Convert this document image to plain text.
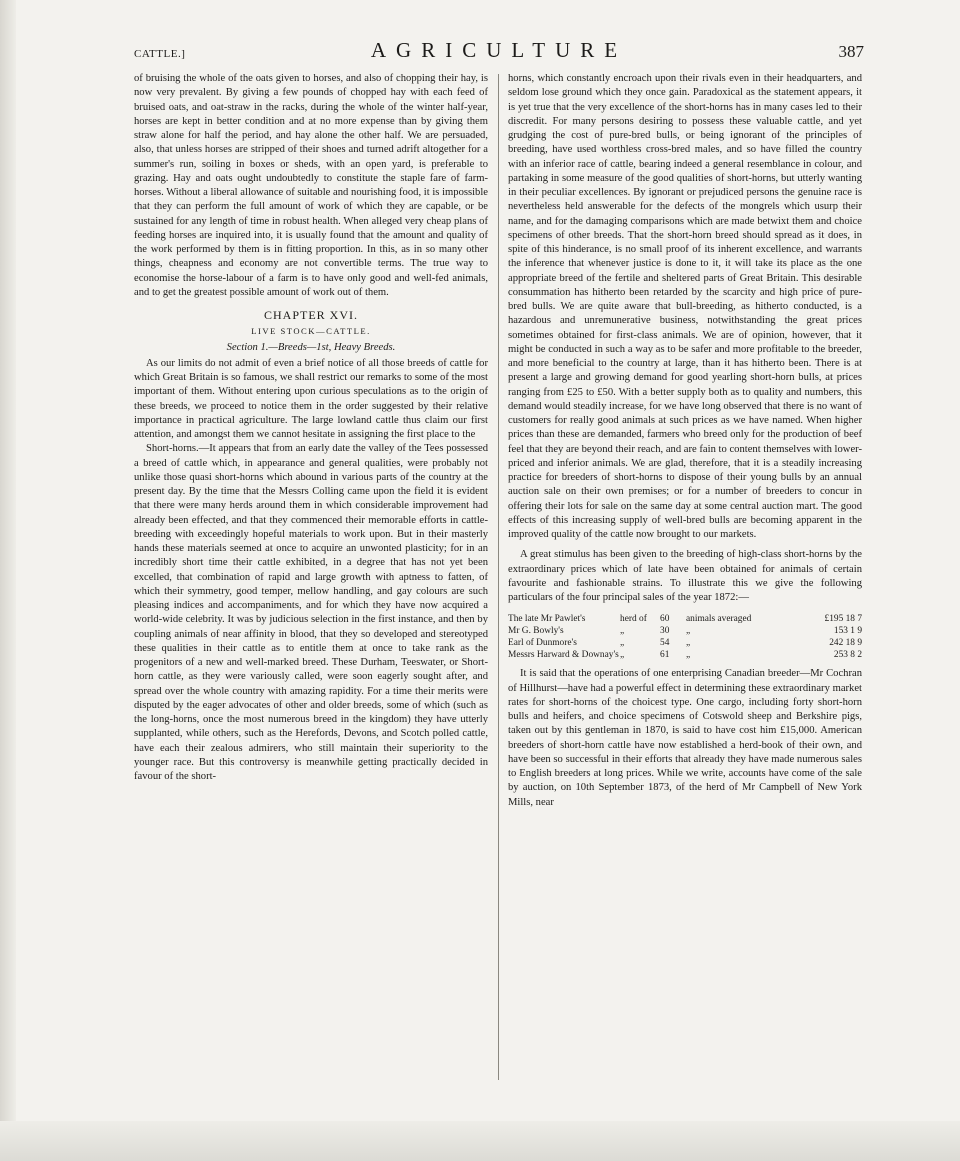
CATTLE.]	AGRICULTURE	387

of bruising the whole of the oats given to horses, and also of chopping their hay, is now very prevalent. By giving a few pounds of chopped hay with each feed of bruised oats, and oat-straw in the racks, during the whole of the winter half-year, horses are kept in better condition and at no more expense than by giving them straw alone for half the period, and hay alone the other half. We are persuaded, also, that unless horses are stripped of their shoes and turned adrift altogether for a summer's run, soiling in boxes or sheds, with an open yard, is preferable to grazing. Hay and oats ought undoubtedly to constitute the staple fare of farm-horses. Without a liberal allowance of suitable and nourishing food, it is impossible that they can perform the full amount of work of which they are capable, or be sustained for any length of time in robust health. When alleged very cheap plans of feeding horses are inquired into, it is usually found that the amount and quality of the work performed by them is in fitting proportion. In this, as in so many other things, cheapness and economy are not convertible terms. The true way to economise the horse-labour of a farm is to have only good and well-fed animals, and to get the greatest possible amount of work out of them.

CHAPTER XVI.
LIVE STOCK—CATTLE.
Section 1.—Breeds—1st, Heavy Breeds.

As our limits do not admit of even a brief notice of all those breeds of cattle for which Great Britain is so famous, we shall restrict our remarks to some of the most important of them. Without entering upon curious speculations as to the origin of these breeds, we proceed to notice them in the order suggested by their relative importance in practical agriculture. The large lowland cattle thus claim our first attention, and amongst them we cannot hesitate in assigning the first place to the

Short-horns.—It appears that from an early date the valley of the Tees possessed a breed of cattle which, in appearance and general qualities, were probably not unlike those quasi short-horns which abound in various parts of the country at the present day. By the time that the Messrs Colling came upon the field it is evident that there were many herds around them in which considerable improvement had already been effected, and that they commenced their memorable efforts in cattle-breeding with exceedingly hopeful materials to work upon. But in their masterly hands these materials seemed at once to acquire an unwonted plasticity; for in an incredibly short time their cattle exhibited, in a degree that has not yet been excelled, that combination of rapid and large growth with aptness to fatten, of which their symmetry, good temper, mellow handling, and gay colours are such pleasing indices and accompaniments, and for which they have now acquired a world-wide celebrity. It was by judicious selection in the first instance, and then by coupling animals of near affinity in blood, that they so developed and stereotyped these qualities in their cattle as to entitle them at once to take rank as the progenitors of a new and well-marked breed. These Durham, Teeswater, or Short-horn cattle, as they were variously called, were soon eagerly sought after, and spread over the whole country with amazing rapidity. For a time their merits were disputed by the eager advocates of other and older breeds, some of which (such as the long-horns, once the most numerous breed in the kingdom) they have utterly supplanted, while others, such as the Herefords, Devons, and Scotch polled cattle, have each their zealous admirers, who still maintain their superiority to the younger race. But this controversy is meanwhile getting practically decided in favour of the short-

horns, which constantly encroach upon their rivals even in their headquarters, and seldom lose ground which they once gain. Paradoxical as the statement appears, it is yet true that the very excellence of the short-horns has in many cases led to their discredit. For many persons desiring to possess these valuable cattle, and yet grudging the cost of pure-bred bulls, or being ignorant of the principles of breeding, have used worthless cross-bred males, and so have filled the country with an inferior race of cattle, bearing indeed a general resemblance in colour, and partaking in some measure of the good qualities of short-horns, but utterly wanting in their peculiar excellences. By ignorant or prejudiced persons the genuine race is nevertheless held answerable for the defects of the mongrels which usurp their name, and for the damaging comparisons which are made betwixt them and choice specimens of other breeds. That the short-horn breed should spread as it does, in spite of this hinderance, is no small proof of its inherent excellence, and warrants the inference that whenever justice is done to it, it will take its place as the one appropriate breed of the fertile and sheltered parts of Great Britain. This desirable consummation has hitherto been retarded by the scarcity and high price of pure-bred bulls. We are quite aware that bull-breeding, as hitherto conducted, is a hazardous and unremunerative business, notwithstanding the great prices sometimes obtained for first-class animals. We are of opinion, however, that it might be conducted in such a way as to be safer and more profitable to the breeder, and more beneficial to the country at large, than it has hitherto been. There is at present a large and growing demand for good yearling short-horn bulls, at prices ranging from £25 to £50. With a better supply both as to quality and numbers, this demand would steadily increase, for we have long observed that there is no want of customers for really good animals at such prices as we have named. When higher prices than these are demanded, farmers who breed only for the production of beef feel that they are beyond their reach, and are fain to content themselves with lower-priced and inferior animals. We are glad, therefore, that it is a steadily increasing practice for breeders of short-horns to dispose of their young bulls by an annual auction sale on their own premises; or for a number of breeders to concur in offering their lots for sale on the same day at some central auction mart. The good effects of this increasing supply of well-bred bulls are becoming apparent in the improved quality of the cattle now brought to our markets.

A great stimulus has been given to the breeding of high-class short-horns by the extraordinary prices which of late have been obtained for animals of certain favourite and fashionable strains. To illustrate this we give the following particulars of the four principal sales of the year 1872:—

The late Mr Pawlet's	herd of	60	animals averaged	£195 18 7
Mr G. Bowly's	„	30	„	153 1 9
Earl of Dunmore's	„	54	„	242 18 9
Messrs Harward & Downay's „	61	„	253 8 2

It is said that the operations of one enterprising Canadian breeder—Mr Cochran of Hillhurst—have had a powerful effect in determining these extraordinary market rates for short-horns of the choicest type. One cargo, including forty short-horn bulls and heifers, and choice specimens of Cotswold sheep and Berkshire pigs, taken out by this gentleman in 1870, is said to have cost him £15,000. American breeders of short-horn cattle have now established a herd-book of their own, and have been so successful in their efforts that already they have made numerous sales to English breeders at long prices. While we write, accounts have come of the sale by auction, on 10th September 1873, of the herd of Mr Campbell of New York Mills, near
